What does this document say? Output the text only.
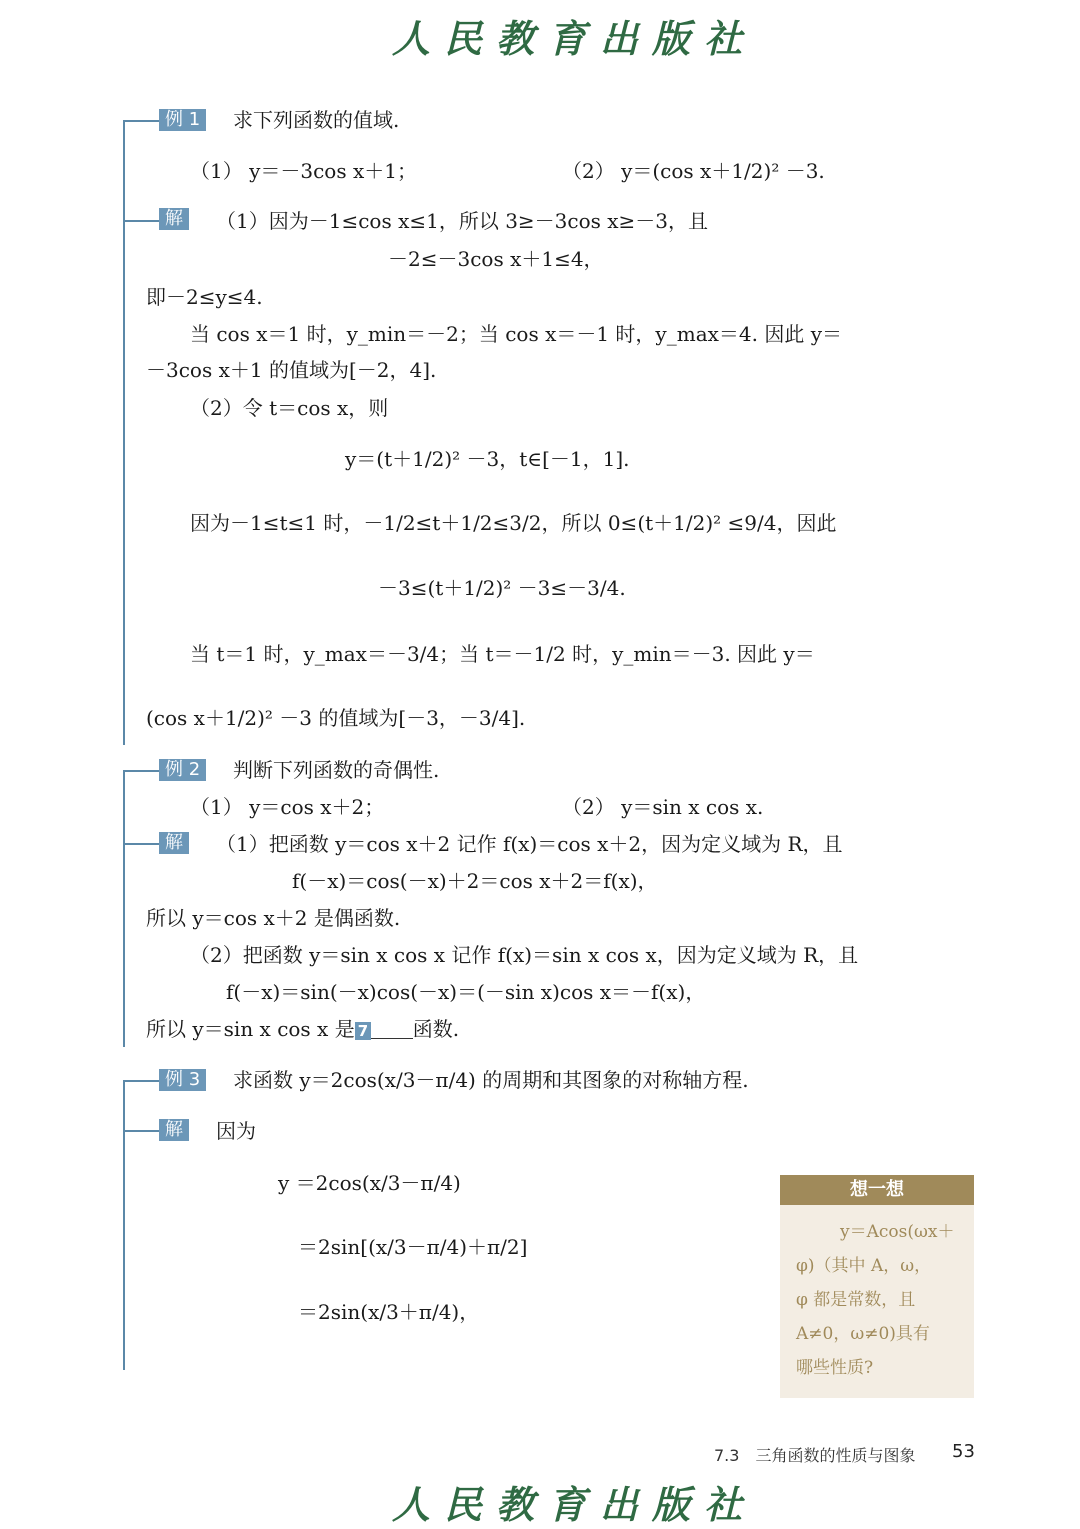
人民教育出版社
人民教育出版社
例 1	求下列函数的值域.
（1） y＝－3cos x＋1；	（2） y＝(cos x＋1/2)² －3.
解	（1）因为－1≤cos x≤1，所以 3≥－3cos x≥－3，且
－2≤－3cos x＋1≤4，
即－2≤y≤4.
当 cos x＝1 时，y_min＝－2；当 cos x＝－1 时，y_max＝4. 因此 y＝
－3cos x＋1 的值域为[－2，4].
（2）令 t＝cos x，则
y＝(t＋1/2)² －3，t∈[－1，1].
因为－1≤t≤1 时，－1/2≤t＋1/2≤3/2，所以 0≤(t＋1/2)² ≤9/4，因此
－3≤(t＋1/2)² －3≤－3/4.
当 t＝1 时，y_max＝－3/4；当 t＝－1/2 时，y_min＝－3. 因此 y＝
(cos x＋1/2)² －3 的值域为[－3，－3/4].
例 2	判断下列函数的奇偶性.
（1） y＝cos x＋2；	（2） y＝sin x cos x.
解	（1）把函数 y＝cos x＋2 记作 f(x)＝cos x＋2，因为定义域为 R，且
f(－x)＝cos(－x)＋2＝cos x＋2＝f(x)，
所以 y＝cos x＋2 是偶函数.
（2）把函数 y＝sin x cos x 记作 f(x)＝sin x cos x，因为定义域为 R，且
f(－x)＝sin(－x)cos(－x)＝(－sin x)cos x＝－f(x)，
所以 y＝sin x cos x 是 7 函数.
例 3	求函数 y＝2cos(x/3－π/4) 的周期和其图象的对称轴方程.
解	因为
y ＝2cos(x/3－π/4)
＝2sin[(x/3－π/4)＋π/2]
＝2sin(x/3＋π/4)，
想一想
y＝Acos(ωx＋
φ)（其中 A，ω，
φ 都是常数，且
A≠0，ω≠0)具有
哪些性质?
7.3　三角函数的性质与图象 53
